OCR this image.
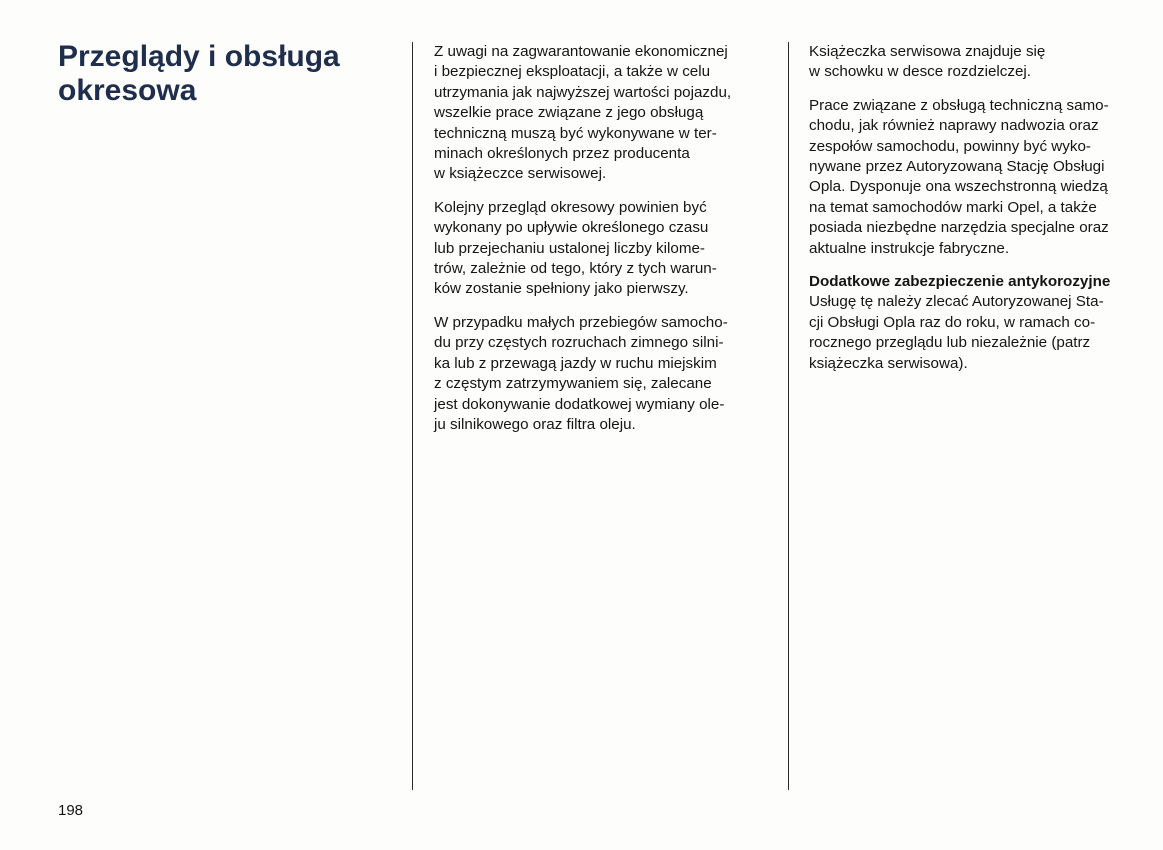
Przeglądy i obsługa
okresowa

Z uwagi na zagwarantowanie ekonomicznej
i bezpiecznej eksploatacji, a także w celu
utrzymania jak najwyższej wartości pojazdu,
wszelkie prace związane z jego obsługą
techniczną muszą być wykonywane w ter-
minach określonych przez producenta
w książeczce serwisowej.

Kolejny przegląd okresowy powinien być
wykonany po upływie określonego czasu
lub przejechaniu ustalonej liczby kilome-
trów, zależnie od tego, który z tych warun-
ków zostanie spełniony jako pierwszy.

W przypadku małych przebiegów samocho-
du przy częstych rozruchach zimnego silni-
ka lub z przewagą jazdy w ruchu miejskim
z częstym zatrzymywaniem się, zalecane
jest dokonywanie dodatkowej wymiany ole-
ju silnikowego oraz filtra oleju.

Książeczka serwisowa znajduje się
w schowku w desce rozdzielczej.

Prace związane z obsługą techniczną samo-
chodu, jak również naprawy nadwozia oraz
zespołów samochodu, powinny być wyko-
nywane przez Autoryzowaną Stację Obsługi
Opla. Dysponuje ona wszechstronną wiedzą
na temat samochodów marki Opel, a także
posiada niezbędne narzędzia specjalne oraz
aktualne instrukcje fabryczne.

Dodatkowe zabezpieczenie antykorozyjne

Usługę tę należy zlecać Autoryzowanej Sta-
cji Obsługi Opla raz do roku, w ramach co-
rocznego przeglądu lub niezależnie (patrz
książeczka serwisowa).

198
